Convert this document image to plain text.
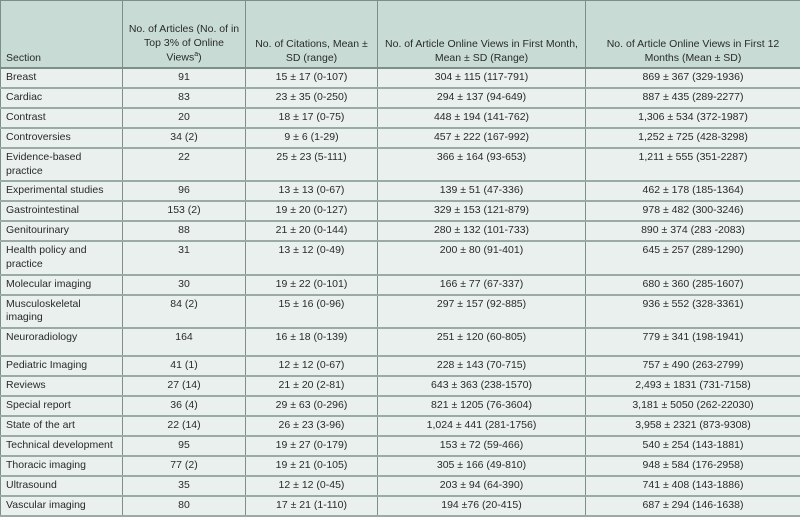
Section	No. of Articles (No. of in Top 3% of Online Views$^a$)	No. of Citations, Mean ± SD (range)	No. of Article Online Views in First Month, Mean ± SD (Range)	No. of Article Online Views in First 12 Months (Mean ± SD)
Breast	91	15 ± 17 (0-107)	304 ± 115 (117-791)	869 ± 367 (329-1936)
Cardiac	83	23 ± 35 (0-250)	294 ± 137 (94-649)	887 ± 435 (289-2277)
Contrast	20	18 ± 17 (0-75)	448 ± 194 (141-762)	1,306 ± 534 (372-1987)
Controversies	34 (2)	9 ± 6 (1-29)	457 ± 222 (167-992)	1,252 ± 725 (428-3298)
Evidence-based practice	22	25 ± 23 (5-111)	366 ± 164 (93-653)	1,211 ± 555 (351-2287)
Experimental studies	96	13 ± 13 (0-67)	139 ± 51 (47-336)	462 ± 178 (185-1364)
Gastrointestinal	153 (2)	19 ± 20 (0-127)	329 ± 153 (121-879)	978 ± 482 (300-3246)
Genitourinary	88	21 ± 20 (0-144)	280 ± 132 (101-733)	890 ± 374 (283 -2083)
Health policy and practice	31	13 ± 12 (0-49)	200 ± 80 (91-401)	645 ± 257 (289-1290)
Molecular imaging	30	19 ± 22 (0-101)	166 ± 77 (67-337)	680 ± 360 (285-1607)
Musculoskeletal imaging	84 (2)	15 ± 16 (0-96)	297 ± 157 (92-885)	936 ± 552 (328-3361)
Neuroradiology	164	16 ± 18 (0-139)	251 ± 120 (60-805)	779 ± 341 (198-1941)
Pediatric Imaging	41 (1)	12 ± 12 (0-67)	228 ± 143 (70-715)	757 ± 490 (263-2799)
Reviews	27 (14)	21 ± 20 (2-81)	643 ± 363 (238-1570)	2,493 ± 1831 (731-7158)
Special report	36 (4)	29 ± 63 (0-296)	821 ± 1205 (76-3604)	3,181 ± 5050 (262-22030)
State of the art	22 (14)	26 ± 23 (3-96)	1,024 ± 441 (281-1756)	3,958 ± 2321 (873-9308)
Technical development	95	19 ± 27 (0-179)	153 ± 72 (59-466)	540 ± 254 (143-1881)
Thoracic imaging	77 (2)	19 ± 21 (0-105)	305 ± 166 (49-810)	948 ± 584 (176-2958)
Ultrasound	35	12 ± 12 (0-45)	203 ± 94 (64-390)	741 ± 408 (143-1886)
Vascular imaging	80	17 ± 21 (1-110)	194 ±76 (20-415)	687 ± 294 (146-1638)
